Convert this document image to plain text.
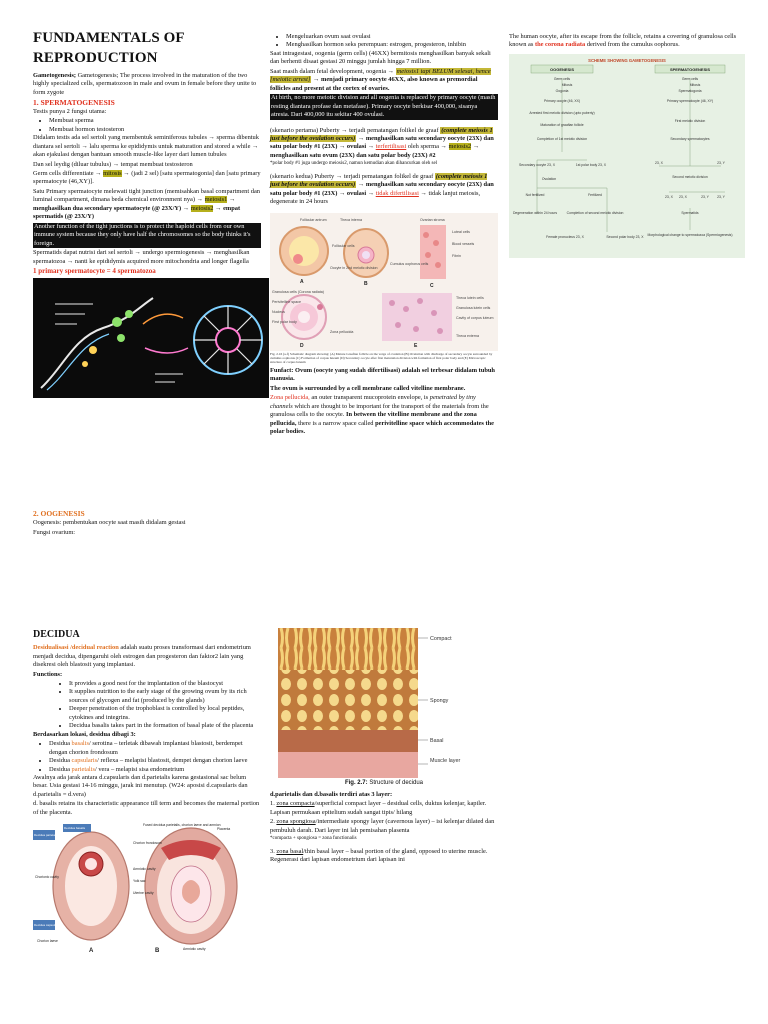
FUNDAMENTALS OF REPRODUCTION

Gametogenesis; Gametogenesis; The process involved in the maturation of the two highly specialized cells, spermatozoon in male and ovum in female before they unite to form zygote

1. SPERMATOGENESIS

Testis punya 2 fungsi utama:

• Membuat sperma
• Membuat hormon testosteron

Didalam testis ada sel sertoli yang membentuk seminiferous tubules → sperma dibentuk diantara sel sertoli → lalu sperma ke epididymis untuk maturation and stored a while → akan ejakulasi dengan bantuan smooth muscle-like layer dari lumen tubules

Dan sel leydig (diluar tubulus) → tempat membuat testosteron

Germ cells differentiate → mitosis → (jadi 2 sel) [satu spermatogonia] dan [satu primary spermatocyte (46,XY)].

Satu Primary spermatocyte melewati tight junction (memisahkan basal compartment dan luminal compartment, dimana beda chemical environment nya) → meiosis1 → menghasilkan dua secondary spermatocyte (@ 23X/Y) → meiosis2 → empat spermatids (@ 23X/Y)

Another function of the tight junctions is to protect the haploid cells from our own immune system because they only have half the chromosomes so the body thinks it's foreign.

Spermatids dapat nutrisi dari sel sertoli → undergo spermiogenesis → menghasilkan spermatozoa → nanti ke epididymis acquired more mitochondria and longer flagella

1 primary spermatocyte = 4 spermatozoa

2. OOGENESIS

Oogenesis: pembentukan oocyte saat masih didalam gestasi

Fungsi ovarium:

• Mengeluarkan ovum saat ovulasi
• Menghasilkan hormon seks perempuan: estrogen, progesteron, inhibin

Saat intragestasi, oogenia (germ cells) (46XX) bermitosis menghasilkan banyak sekali dan berhenti disaat gestasi 20 minggu jumlah hingga 7 million.

Saat masih dalam fetal development, oogenia → meiosis1 tapi BELUM selesai, hence [meiotic arrest] → menjadi primary oocyte 46XX, also known as premordial follicles and present at the cortex of ovaries.

At birth, no more meiotic division and all oogenia is replaced by primary oocyte (masih resting diantara profase dan metafase). Primary oocyte berkisar 400,000, sisanya atresia. Dari 400,000 itu sekitar 400 ovulasi.

(skenario pertama) Puberty → terjadi pematangan folikel de graaf (complete meiosis 1 just before the ovulation occurs) → menghasilkan satu secondary oocyte (23X) dan satu polar body #1 (23X) → ovulasi → terfertilisasi oleh sperma → meiosis2 → menghasilkan satu ovum (23X) dan satu polar body (23X) #2

*polar body #1 juga undergo meiosis2, namun kemudian akan dihancurkan oleh sel

(skenario kedua) Puberty → terjadi pematangan folikel de graaf (complete meiosis 1 just before the ovulation occurs) → menghasilkan satu secondary oocyte (23X) dan satu polar body #1 (23X) → ovulasi → tidak difertilisasi → tidak lanjut meiosis, degenerate in 24 hours

Follicular antrum	Theca interna	Ovarian stroma
Luteal cells
Blood vessels
Fibrin
Follicular cells
Oocyte in 2nd meiotic division
Cumulus oophorus cells
Granulosa cells (Corona radiata)
Perivitelline space
Nucleus
First polar body
Zona pellucida
Theca lutein cells
Granulosa lutein cells
Cavity of corpus luteum
Theca externa
A	B	C
D	E
Fig. 2.16 (a-f) Schematic diagram showing: (A) Mature Graafian follicle on the verge of ovulation (B) Ovulation with discharge of secondary oocyte surrounded by cumulus oophorus (C) Formation of corpus luteum (D) Secondary oocyte after first maturation division with formation of first polar body and (E) Microscopic structure of corpus luteum

Funfact: Ovum (oocyte yang sudah difertilisasi) adalah sel terbesar didalam tubuh manusia.

The ovum is surrounded by a cell membrane called vitelline membrane.

Zona pellucida, an outer transparent mucoprotein envelope, is penetrated by tiny channels which are thought to be important for the transport of the materials from the granulosa cells to the oocyte. In between the vitelline membrane and the zona pellucida, there is a narrow space called perivitelline space which accommodates the polar bodies.

The human oocyte, after its escape from the follicle, retains a covering of granulosa cells known as the corona radiata derived from the cumulus oophorus.

SCHEME SHOWING GAMETOGENESIS
OOGENESIS	SPERMATOGENESIS
Germ cells
Mitosis
Oogonia
Primary oocyte (46, XX)
Arrested first meiotic division (upto puberty)
Maturation of graafian follicle
Completion of 1st meiotic division
Secondary oocyte 23, X	1st polar body 23, X
Ovulation
Not fertilized	Fertilized
Degeneration within 24 hours	Completion of second meiotic division
Female pronucleus 23, X	Second polar body 23, X
Germ cells
Mitosis
Spermatogonia
Primary spermatocyte (46, XY)
First meiotic division
Secondary spermatocytes
23, X	23, Y
Second meiotic division
23, X 23, X	23, Y 23, Y
Spermatids
Morphological change to spermatozoa (Spermiogenesis)
DECIDUA

Desidualisasi /decidual reaction adalah suatu proses transformasi dari endometrium menjadi decidua, dipengaruhi oleh estrogen dan progesteron dan faktor2 lain yang disekresi oleh blastosit yang implantasi.

Functions:

• It provides a good nest for the implantation of the blastocyst
• It supplies nutrition to the early stage of the growing ovum by its rich sources of glycogen and fat (produced by the glands)
• Deeper penetration of the trophoblast is controlled by local peptides, cytokines and integrins.
• Decidua basalis takes part in the formation of basal plate of the placenta

Berdasarkan lokasi, desidua dibagi 3:

• Desidua basalis/ serotina – terletak dibawah implantasi blastosit, berdempet dengan chorion frondosum
• Desidua capsularis/ reflexa – melapisi blastosit, dempet dengan chorion laeve
• Desidua parietalis/ vera – melapisi sisa endometrium

Awalnya ada jarak antara d.capsularis dan d.parietalis karena gestasional sac belum besar. Usia gestasi 14-16 minggu, jarak ini menutup. (W24: aposisi d.capsularis dan d.parietalis = d.vera)

d. basalis retains its characteristic appearance till term and becomes the maternal portion of the placenta.

Decidua parietalis
Decidua basalis
Fused decidua parietalis, chorion laeve and amnion
Placenta
Chorion frondosum
Amniotic cavity
Yolk sac
Uterine cavity
Decidua capsularis
Chorion laeve
Amniotic cavity
Chorionic cavity
A	B
Compact
Spongy
Basal
Muscle layer
Fig. 2.7: Structure of decidua

d.parietalis dan d.basalis terdiri atas 3 layer:

1. zona compacta/superficial compact layer – desidual cells, duktus kelenjar, kapiler. Lapisan permukaan epitelium sudah sangat tipis/ hilang

2. zona spongiosa/intermediate spongy layer (cavernous layer) – isi kelenjar dilated dan pembuluh darah. Dari layer ini lah pemisahan plasenta

*compacta + spongiosa = zona functionalis

3. zona basal/thin basal layer – basal portion of the gland, opposed to uterine muscle. Regenerasi dari lapisan endometrium dari lapisan ini
